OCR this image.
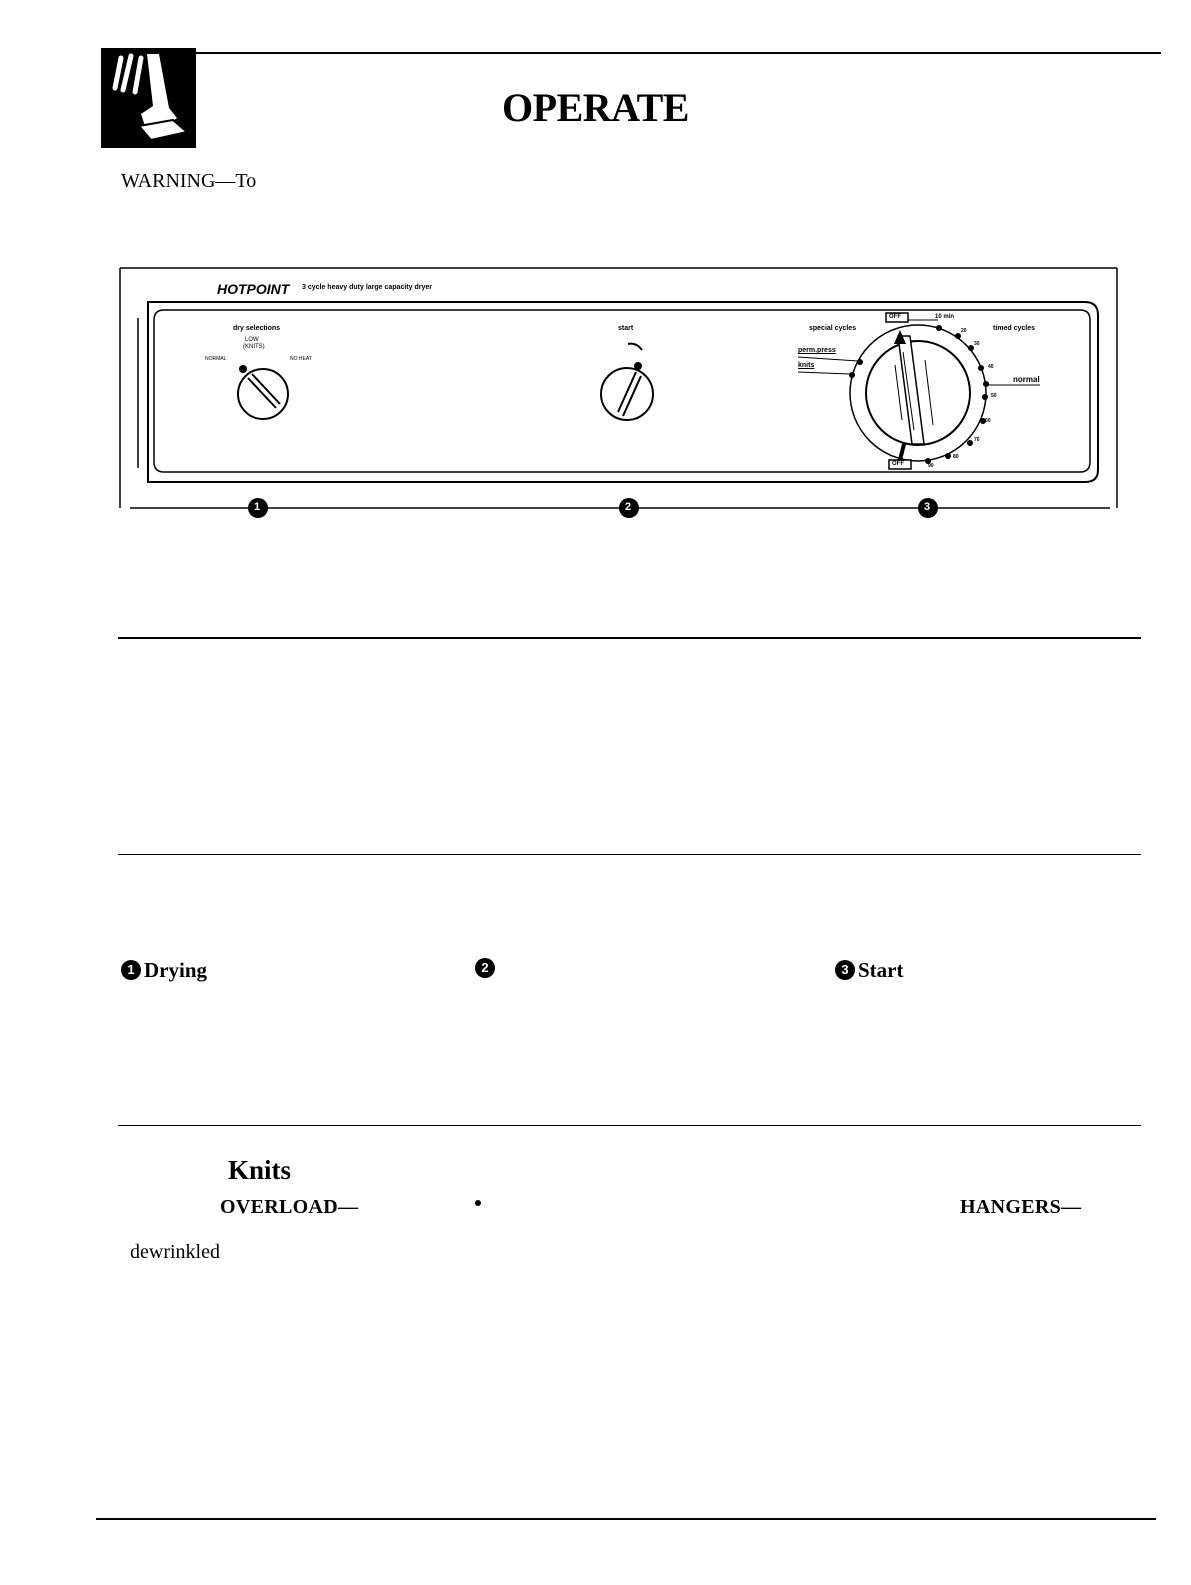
OPERATE
WARNING—To
HOTPOINT 3 cycle heavy duty large capacity dryer
dry selections
LOW
(KNITS)
NORMAL	NO HEAT
start	special cycles	timed cycles
perm.press
knits
normal
OFF
OFF
10 min
20
30
40
50
60
70
80
90
1	2	3
1 Drying	2	3 Start
Knits
OVERLOAD—	HANGERS—
dewrinkled
